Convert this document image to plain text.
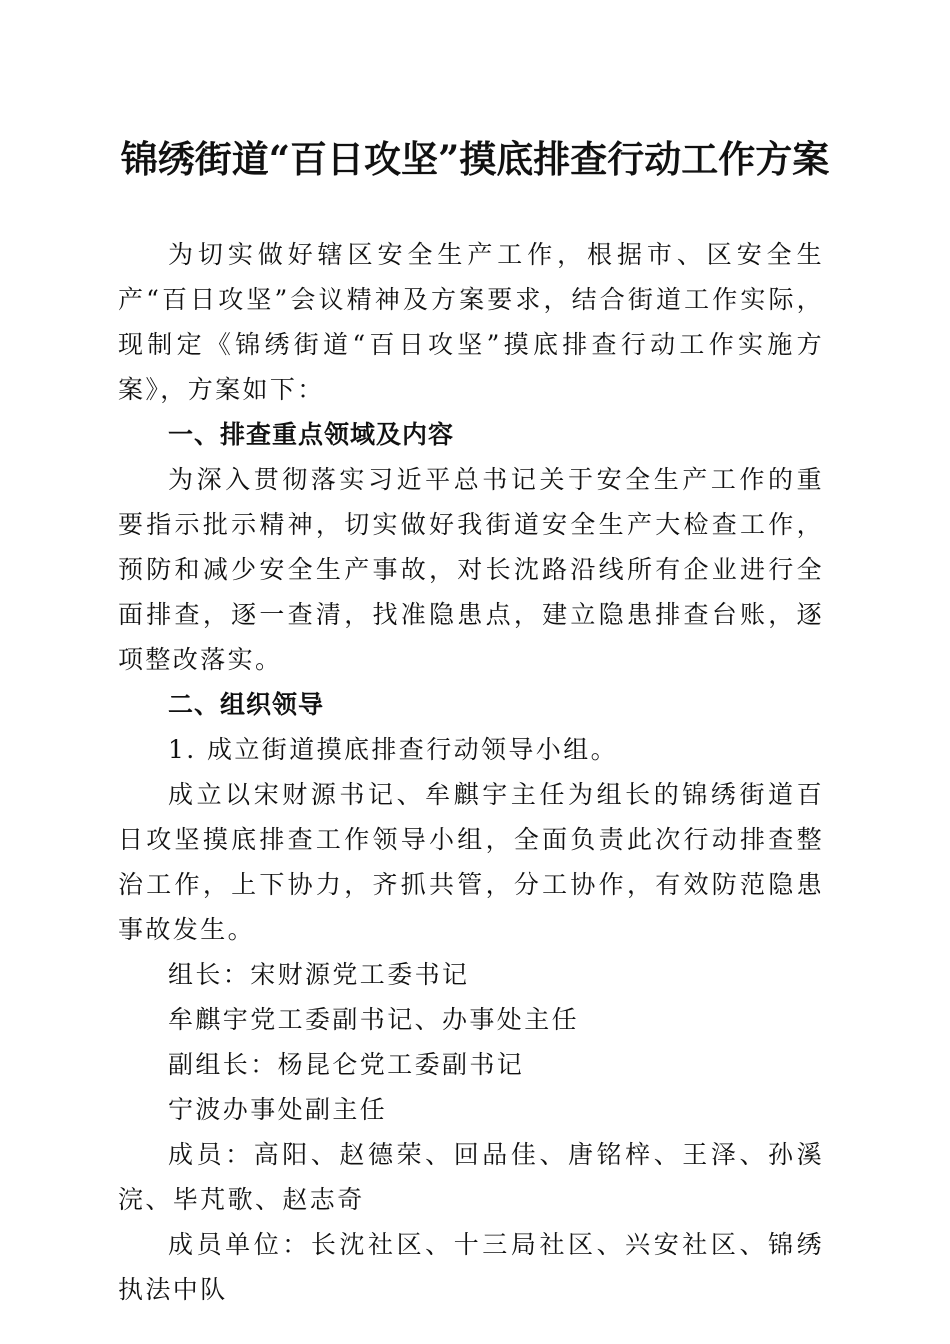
锦绣街道“百日攻坚”摸底排查行动工作方案

为切实做好辖区安全生产工作，根据市、区安全生产“百日攻坚”会议精神及方案要求，结合街道工作实际，现制定《锦绣街道“百日攻坚”摸底排查行动工作实施方案》，方案如下：

一、排查重点领域及内容

为深入贯彻落实习近平总书记关于安全生产工作的重要指示批示精神，切实做好我街道安全生产大检查工作，预防和减少安全生产事故，对长沈路沿线所有企业进行全面排查，逐一查清，找准隐患点，建立隐患排查台账，逐项整改落实。

二、组织领导

1. 成立街道摸底排查行动领导小组。

成立以宋财源书记、牟麒宇主任为组长的锦绣街道百日攻坚摸底排查工作领导小组，全面负责此次行动排查整治工作，上下协力，齐抓共管，分工协作，有效防范隐患事故发生。

组长：宋财源党工委书记

牟麒宇党工委副书记、办事处主任

副组长：杨昆仑党工委副书记

宁波办事处副主任

成员：高阳、赵德荣、回品佳、唐铭梓、王泽、孙溪浣、毕芃歌、赵志奇

成员单位：长沈社区、十三局社区、兴安社区、锦绣执法中队
